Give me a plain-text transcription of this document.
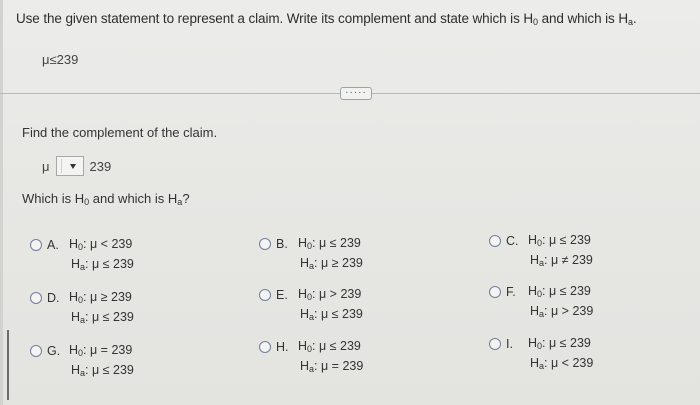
Use the given statement to represent a claim. Write its complement and state which is $H_0$ and which is $H_a$.
μ≤239
·····
Find the complement of the claim.
μ	239
Which is $H_0$ and which is $H_a$?
A. $H_0$: μ < 239
$H_a$: μ ≤ 239
B. $H_0$: μ ≤ 239
$H_a$: μ ≥ 239
C. $H_0$: μ ≤ 239
$H_a$: μ ≠ 239
D. $H_0$: μ ≥ 239
$H_a$: μ ≤ 239
E. $H_0$: μ > 239
$H_a$: μ ≤ 239
F. $H_0$: μ ≤ 239
$H_a$: μ > 239
G. $H_0$: μ = 239
$H_a$: μ ≤ 239
H. $H_0$: μ ≤ 239
$H_a$: μ = 239
I.	$H_0$: μ ≤ 239
$H_a$: μ < 239
